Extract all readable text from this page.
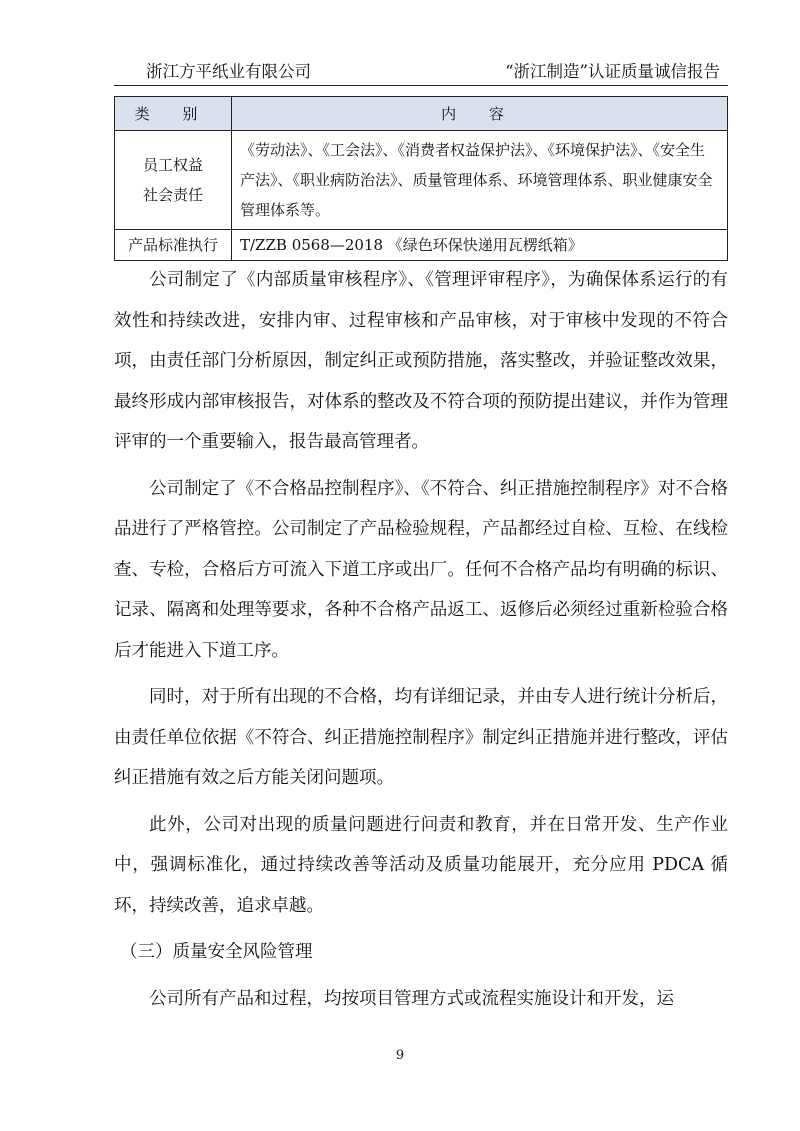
浙江方平纸业有限公司	“浙江制造”认证质量诚信报告
类 别	内 容
员工权益
社会责任	《劳动法》、《工会法》、《消费者权益保护法》、《环境保护法》、《安全生产法》、《职业病防治法》、质量管理体系、环境管理体系、职业健康安全管理体系等。
产品标准执行	T/ZZB 0568—2018 《绿色环保快递用瓦楞纸箱》

公司制定了《内部质量审核程序》、《管理评审程序》，为确保体系运行的有效性和持续改进，安排内审、过程审核和产品审核，对于审核中发现的不符合项，由责任部门分析原因，制定纠正或预防措施，落实整改，并验证整改效果，最终形成内部审核报告，对体系的整改及不符合项的预防提出建议，并作为管理评审的一个重要输入，报告最高管理者。

公司制定了《不合格品控制程序》、《不符合、纠正措施控制程序》对不合格品进行了严格管控。公司制定了产品检验规程，产品都经过自检、互检、在线检查、专检，合格后方可流入下道工序或出厂。任何不合格产品均有明确的标识、记录、隔离和处理等要求，各种不合格产品返工、返修后必须经过重新检验合格后才能进入下道工序。

同时，对于所有出现的不合格，均有详细记录，并由专人进行统计分析后，由责任单位依据《不符合、纠正措施控制程序》制定纠正措施并进行整改，评估纠正措施有效之后方能关闭问题项。

此外，公司对出现的质量问题进行问责和教育，并在日常开发、生产作业中，强调标准化，通过持续改善等活动及质量功能展开，充分应用 PDCA 循环，持续改善，追求卓越。

（三）质量安全风险管理

公司所有产品和过程，均按项目管理方式或流程实施设计和开发，运

9
